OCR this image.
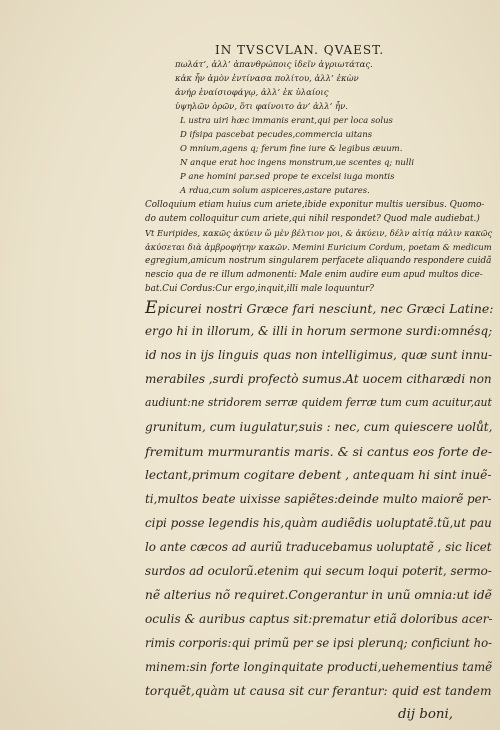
IN TVSCVLAN. QVAEST.
πωλάτ’, ἀλλ’ ἀπανθρώποις ἰδεῖν ἀγριωτάτας.
κἀκ ἦν ἀμὸν ἐντίνασα πολίτου, ἀλλ’ ἐκὼν
ἀνήρ ἐναίσιοφάγῳ, ἀλλ’ ἐκ ὑλαίοις
ὑψηλῶν ὀρῶν, ὅτι φαίνοιτο ἀν’ ἀλλ’ ἦν.
L ustra uiri hæc immanis erant,qui per loca solus
D ifsipa pascebat pecudes,commercia uitans
O mnium,agens q; ferum fine iure & legibus æuum.
N anque erat hoc ingens monstrum,ue scentes q; nulli
P ane homini par.sed prope te excelsi iuga montis
A rdua,cum solum aspiceres,astare putares.
Colloquium etiam huius cum ariete,ibide exponitur multis uersibus. Quomo-
do autem colloquitur cum ariete,qui nihil respondet? Quod male audiebat.)
Vt Euripides, κακῶς ἀκύειν ὥ μὲν βέλτιον μοι, & ἀκύειν, δέλν αἰτίᾳ πάλιν κακῶς
ἀκύσεται διὰ ἀμβροφήτην κακῶν. Memini Euricium Cordum, poetam & medicum
egregium,amicum nostrum singularem perfacete aliquando respondere cuidã
nescio qua de re illum admonenti: Male enim audire eum apud multos dice-
bat.Cui Cordus:Cur ergo,inquit,illi male loquuntur?
Epicurei nostri Græce fari nesciunt, nec Græci Latine:
ergo hi in illorum, & illi in horum sermone surdi:omnésq;
id nos in ijs linguis quas non intelligimus, quæ sunt innu-
merabiles ,surdi profectò sumus.At uocem citharædi non
audiunt:ne stridorem serræ quidem ferræ tum cum acuitur,aut
grunitum, cum iugulatur,suis : nec, cum quiescere uolůt,
fremitum murmurantis maris. & si cantus eos forte de-
lectant,primum cogitare debent , antequam hi sint inuẽ-
ti,multos beate uixisse sapiẽtes:deinde multo maiorẽ per-
cipi posse legendis his,quàm audiẽdis uoluptatẽ.tũ,ut pau
lo ante cæcos ad auriũ traducebamus uoluptatẽ , sic licet
surdos ad oculorũ.etenim qui secum loqui poterit, sermo-
nẽ alterius nõ requiret.Congerantur in unũ omnia:ut idẽ
oculis & auribus captus sit:prematur etiã doloribus acer-
rimis corporis:qui primũ per se ipsi plerunq; conficiunt ho-
minem:sin forte longinquitate producti,uehementius tamẽ
torquẽt,quàm ut causa sit cur ferantur: quid est tandem
dij boni,
